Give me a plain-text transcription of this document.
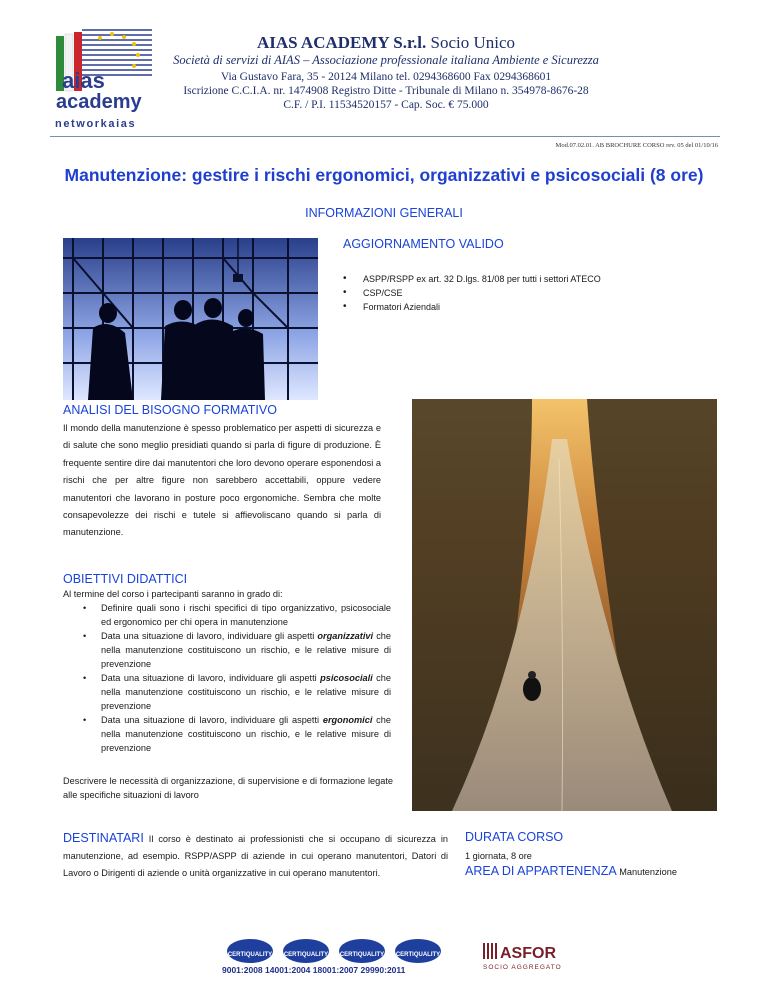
aias
academy
networkaias
AIAS ACADEMY S.r.l. Socio Unico
Società di servizi di AIAS – Associazione professionale italiana Ambiente e Sicurezza
Via Gustavo Fara, 35 - 20124 Milano tel. 0294368600 Fax 0294368601
Iscrizione C.C.I.A. nr. 1474908 Registro Ditte - Tribunale di Milano n. 354978-8676-28
C.F. / P.I. 11534520157 - Cap. Soc. € 75.000
Mod.07.02.01. AB BROCHURE CORSO rev. 05 del 01/10/16
Manutenzione: gestire i rischi ergonomici, organizzativi e psicosociali (8 ore)
INFORMAZIONI GENERALI
AGGIORNAMENTO VALIDO
• ASPP/RSPP ex art. 32 D.lgs. 81/08 per tutti i settori ATECO
• CSP/CSE
• Formatori Aziendali
ANALISI DEL BISOGNO FORMATIVO
Il mondo della manutenzione è spesso problematico per aspetti di sicurezza e di salute che sono meglio presidiati quando si parla di figure di produzione. È frequente sentire dire dai manutentori che loro devono operare esponendosi a rischi che per altre figure non sarebbero accettabili, oppure vedere manutentori che lavorano in posture poco ergonomiche. Sembra che molte consapevolezze dei rischi e tutele si affievoliscano quando si parla di manutenzione.
OBIETTIVI DIDATTICI
Al termine del corso i partecipanti saranno in grado di:
• Definire quali sono i rischi specifici di tipo organizzativo, psicosociale ed ergonomico per chi opera in manutenzione
• Data una situazione di lavoro, individuare gli aspetti organizzativi che nella manutenzione costituiscono un rischio, e le relative misure di prevenzione
• Data una situazione di lavoro, individuare gli aspetti psicosociali che nella manutenzione costituiscono un rischio, e le relative misure di prevenzione
• Data una situazione di lavoro, individuare gli aspetti ergonomici che nella manutenzione costituiscono un rischio, e le relative misure di prevenzione
Descrivere le necessità di organizzazione, di supervisione e di formazione legate alle specifiche situazioni di lavoro
DESTINATARI Il corso è destinato ai professionisti che si occupano di sicurezza in manutenzione, ad esempio. RSPP/ASPP di aziende in cui operano manutentori, Datori di Lavoro o Dirigenti di aziende o unità organizzative in cui operano manutentori.
DURATA CORSO
1 giornata, 8 ore
AREA DI APPARTENENZA Manutenzione
CERTIQUALITY CERTIQUALITY CERTIQUALITY CERTIQUALITY
9001:2008 14001:2004 18001:2007 29990:2011
ASFOR
SOCIO AGGREGATO
